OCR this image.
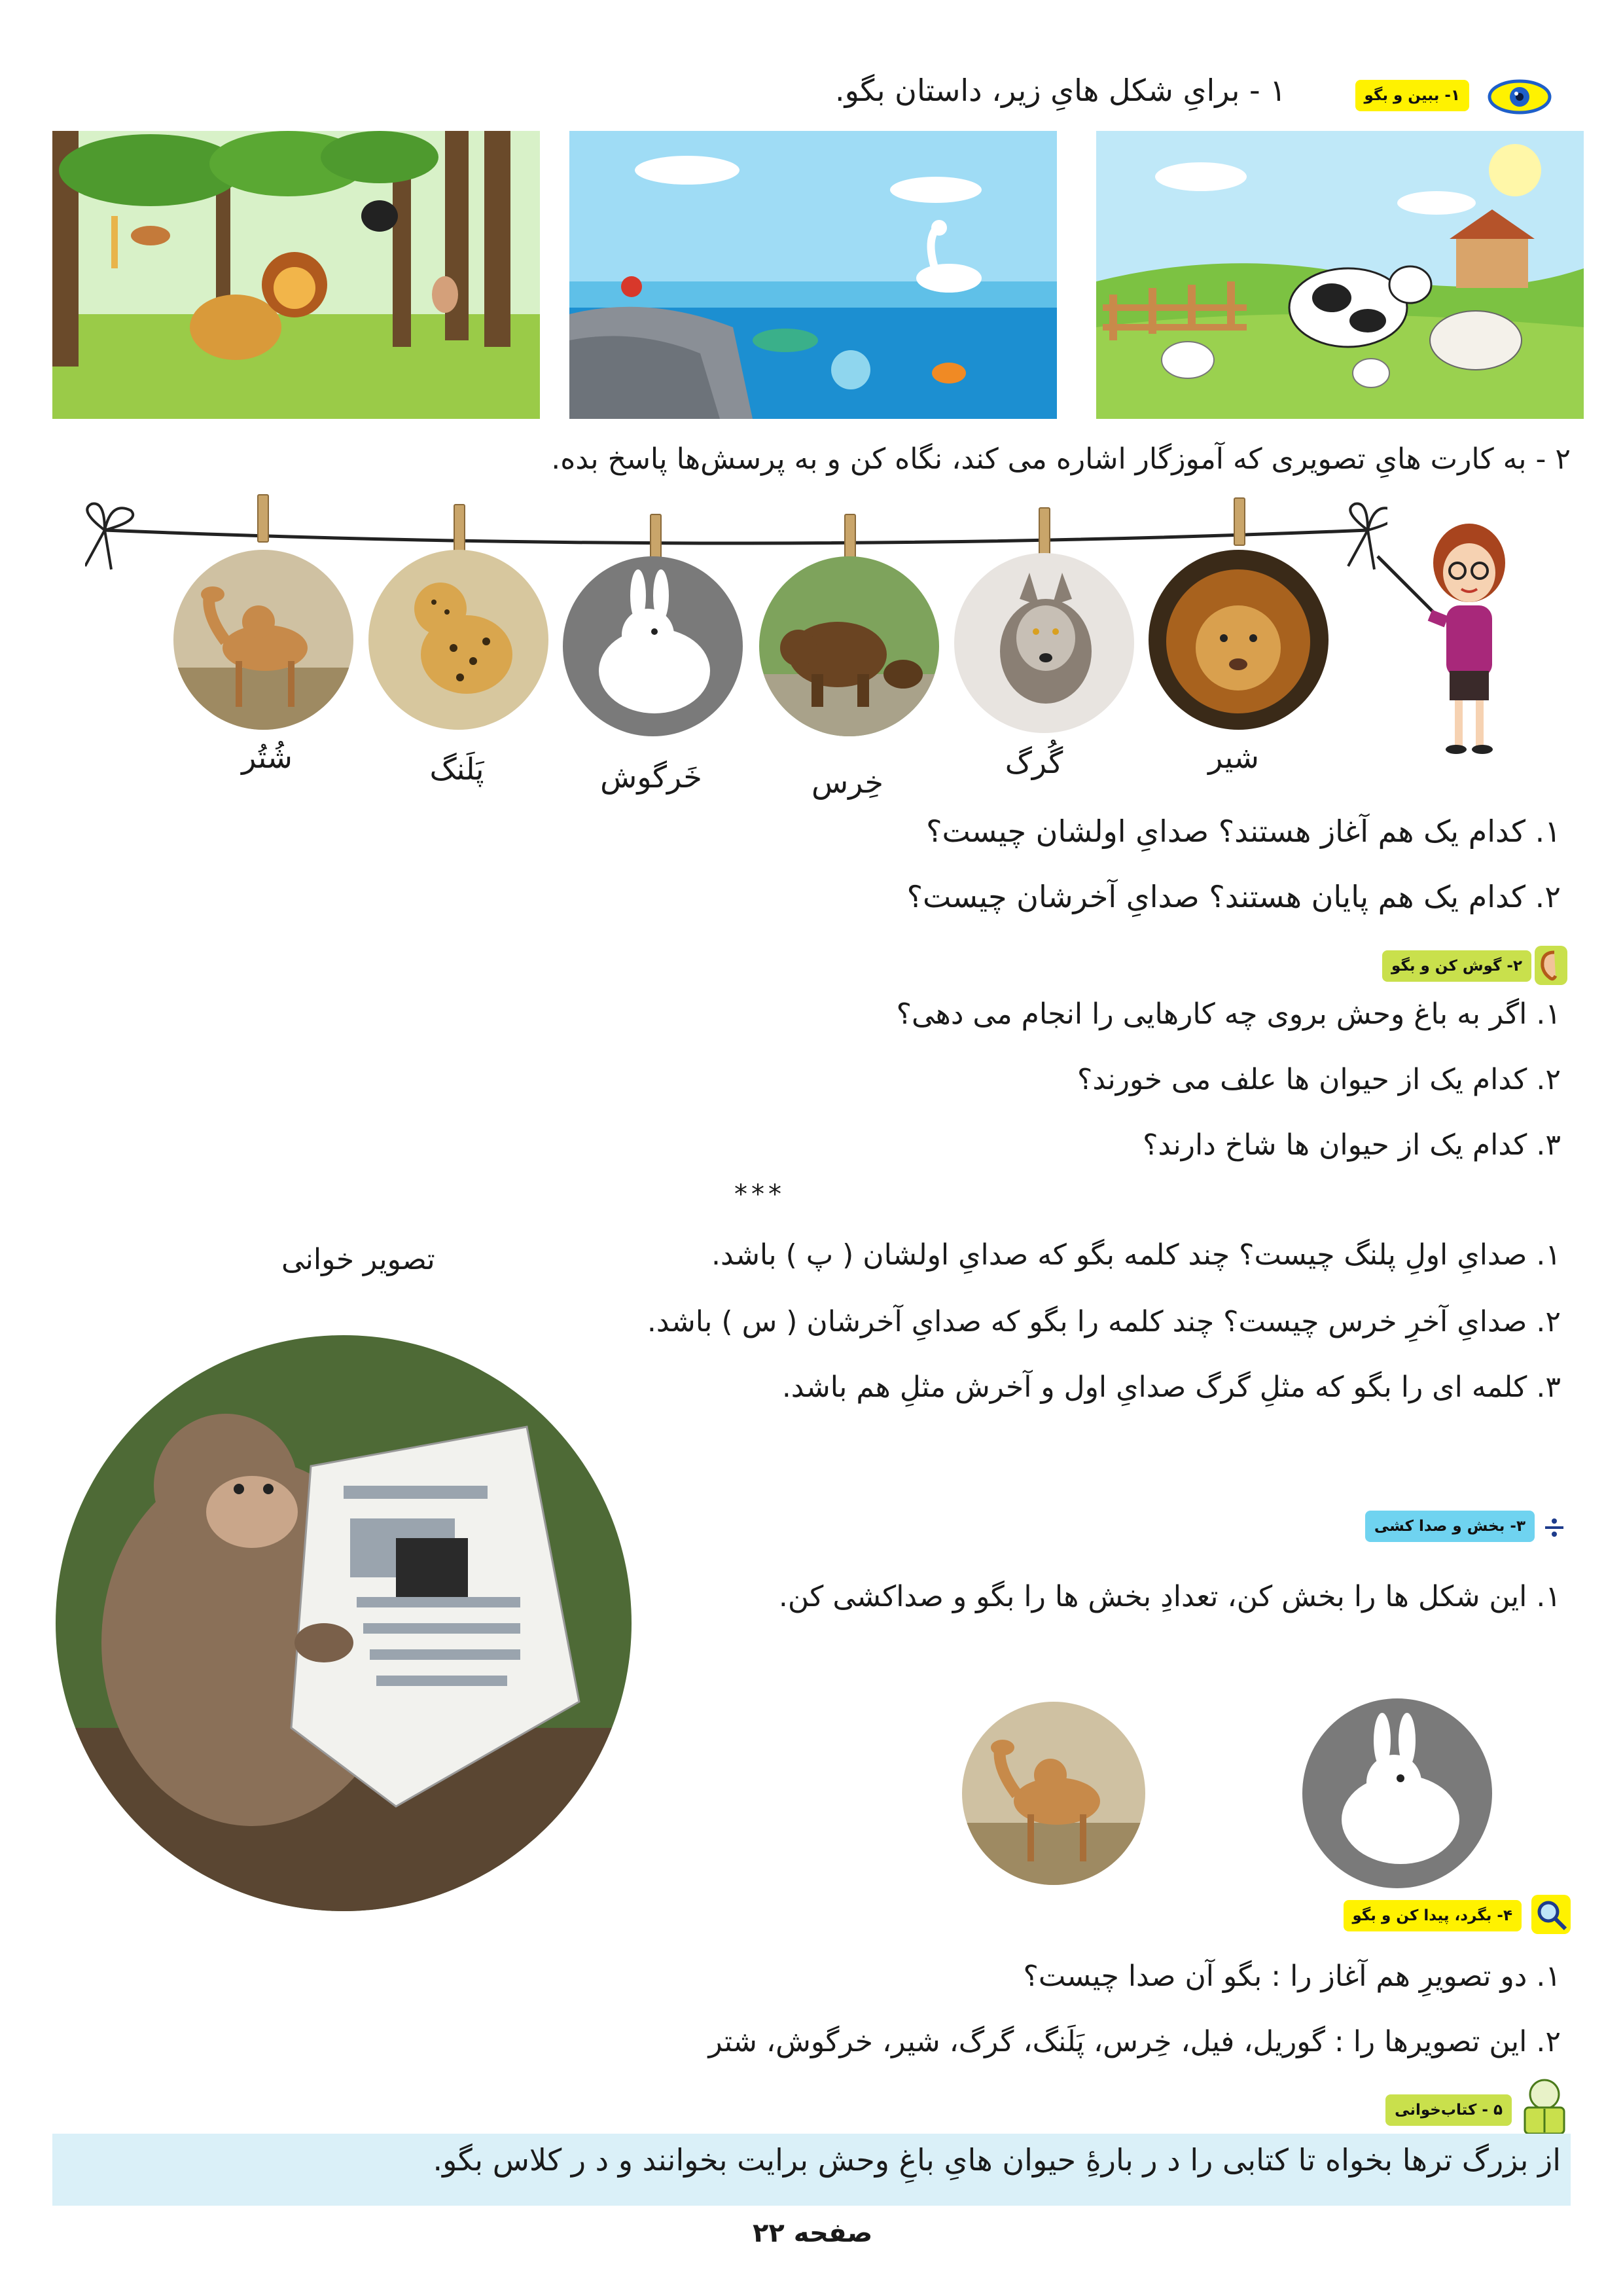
۱- ببین و بگو
۱ - برایِ شکل هایِ زیر، داستان بگو.
۲ - به کارت هایِ تصویری که آموزگار اشاره می کند، نگاه کن و به پرسش‌ها پاسخ بده.
شیر
گُرگ
خِرس
خَرگوش
پَلَنگ
شُتُر
۱. کدام یک هم آغاز هستند؟ صدایِ اولشان چیست؟
۲. کدام یک هم پایان هستند؟ صدایِ آخرشان چیست؟
۲- گوش کن و بگو
۱. اگر به باغ وحش بروی چه کارهایی را انجام می دهی؟
۲. کدام یک از حیوان ها علف می خورند؟
۳. کدام یک از حیوان ها شاخ دارند؟
***
۱. صدایِ اولِ پلنگ چیست؟ چند کلمه بگو که صدایِ اولشان ( پ ) باشد.
۲. صدایِ آخرِ خرس چیست؟ چند کلمه را بگو که صدایِ آخرشان ( س ) باشد.
۳. کلمه ای را بگو که مثلِ گرگ صدایِ اول و آخرش مثلِ هم باشد.
تصویر خوانی
۳- بخش و صدا کشی
۱. این شکل ها را بخش کن، تعدادِ بخش ها را بگو و صداکشی کن.
۴- بگرد، پیدا کن و بگو
۱. دو تصویرِ هم آغاز را : بگو آن صدا چیست؟
۲. این تصویرها را : گوریل، فیل، خِرس، پَلَنگ، گرگ، شیر، خرگوش، شتر
۵ - کتاب‌خوانی
از بزرگ ترها بخواه تا کتابی را د ر بارهٔ‌ِ حیوان هایِ باغِ وحش برایت بخوانند و د ر کلاس بگو.
صفحه ۲۲
